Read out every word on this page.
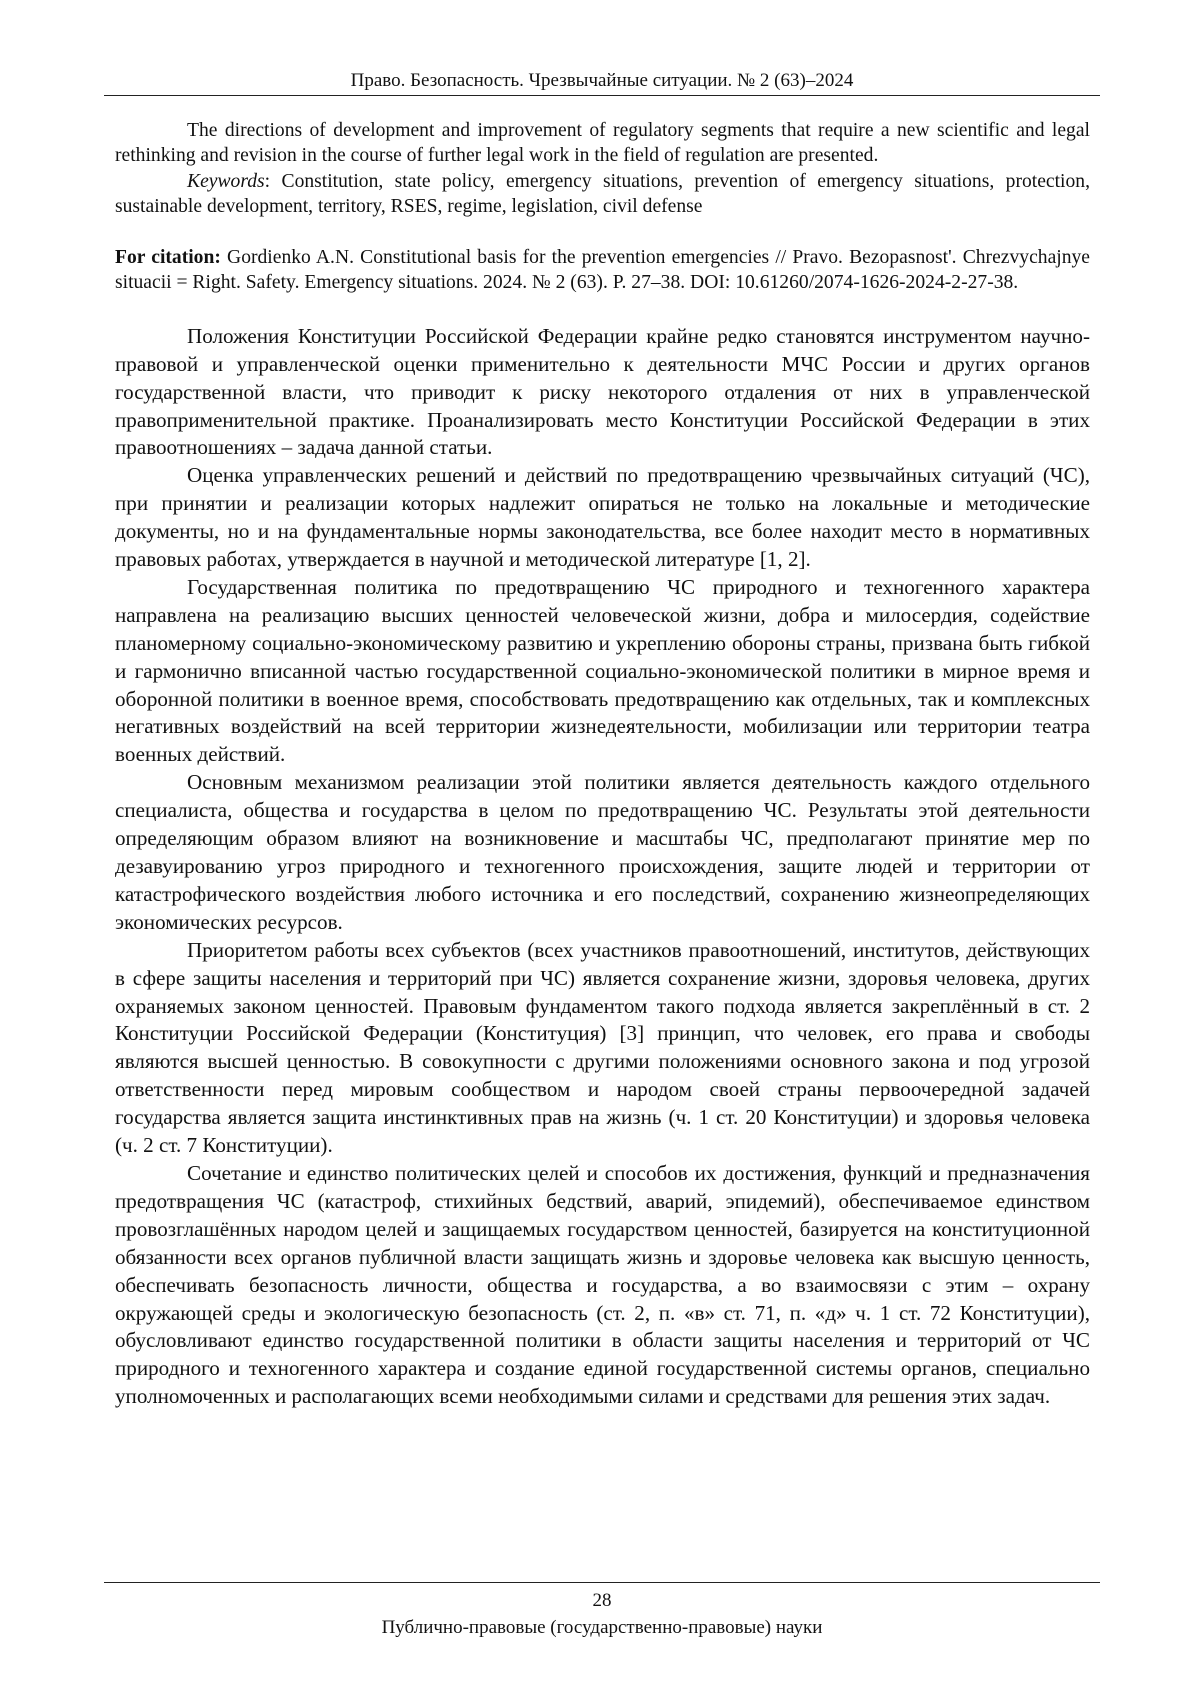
Право. Безопасность. Чрезвычайные ситуации. № 2 (63)–2024

The directions of development and improvement of regulatory segments that require a new scientific and legal rethinking and revision in the course of further legal work in the field of regulation are presented.

Keywords: Constitution, state policy, emergency situations, prevention of emergency situations, protection, sustainable development, territory, RSES, regime, legislation, civil defense

For citation: Gordienko A.N. Constitutional basis for the prevention emergencies // Pravo. Bezopasnost'. Chrezvychajnye situacii = Right. Safety. Emergency situations. 2024. № 2 (63). P. 27–38. DOI: 10.61260/2074-1626-2024-2-27-38.

Положения Конституции Российской Федерации крайне редко становятся инструментом научно-правовой и управленческой оценки применительно к деятельности МЧС России и других органов государственной власти, что приводит к риску некоторого отдаления от них в управленческой правоприменительной практике. Проанализировать место Конституции Российской Федерации в этих правоотношениях – задача данной статьи.

Оценка управленческих решений и действий по предотвращению чрезвычайных ситуаций (ЧС), при принятии и реализации которых надлежит опираться не только на локальные и методические документы, но и на фундаментальные нормы законодательства, все более находит место в нормативных правовых работах, утверждается в научной и методической литературе [1, 2].

Государственная политика по предотвращению ЧС природного и техногенного характера направлена на реализацию высших ценностей человеческой жизни, добра и милосердия, содействие планомерному социально-экономическому развитию и укреплению обороны страны, призвана быть гибкой и гармонично вписанной частью государственной социально-экономической политики в мирное время и оборонной политики в военное время, способствовать предотвращению как отдельных, так и комплексных негативных воздействий на всей территории жизнедеятельности, мобилизации или территории театра военных действий.

Основным механизмом реализации этой политики является деятельность каждого отдельного специалиста, общества и государства в целом по предотвращению ЧС. Результаты этой деятельности определяющим образом влияют на возникновение и масштабы ЧС, предполагают принятие мер по дезавуированию угроз природного и техногенного происхождения, защите людей и территории от катастрофического воздействия любого источника и его последствий, сохранению жизнеопределяющих экономических ресурсов.

Приоритетом работы всех субъектов (всех участников правоотношений, институтов, действующих в сфере защиты населения и территорий при ЧС) является сохранение жизни, здоровья человека, других охраняемых законом ценностей. Правовым фундаментом такого подхода является закреплённый в ст. 2 Конституции Российской Федерации (Конституция) [3] принцип, что человек, его права и свободы являются высшей ценностью. В совокупности с другими положениями основного закона и под угрозой ответственности перед мировым сообществом и народом своей страны первоочередной задачей государства является защита инстинктивных прав на жизнь (ч. 1 ст. 20 Конституции) и здоровья человека (ч. 2 ст. 7 Конституции).

Сочетание и единство политических целей и способов их достижения, функций и предназначения предотвращения ЧС (катастроф, стихийных бедствий, аварий, эпидемий), обеспечиваемое единством провозглашённых народом целей и защищаемых государством ценностей, базируется на конституционной обязанности всех органов публичной власти защищать жизнь и здоровье человека как высшую ценность, обеспечивать безопасность личности, общества и государства, а во взаимосвязи с этим – охрану окружающей среды и экологическую безопасность (ст. 2, п. «в» ст. 71, п. «д» ч. 1 ст. 72 Конституции), обусловливают единство государственной политики в области защиты населения и территорий от ЧС природного и техногенного характера и создание единой государственной системы органов, специально уполномоченных и располагающих всеми необходимыми силами и средствами для решения этих задач.

28
Публично-правовые (государственно-правовые) науки
